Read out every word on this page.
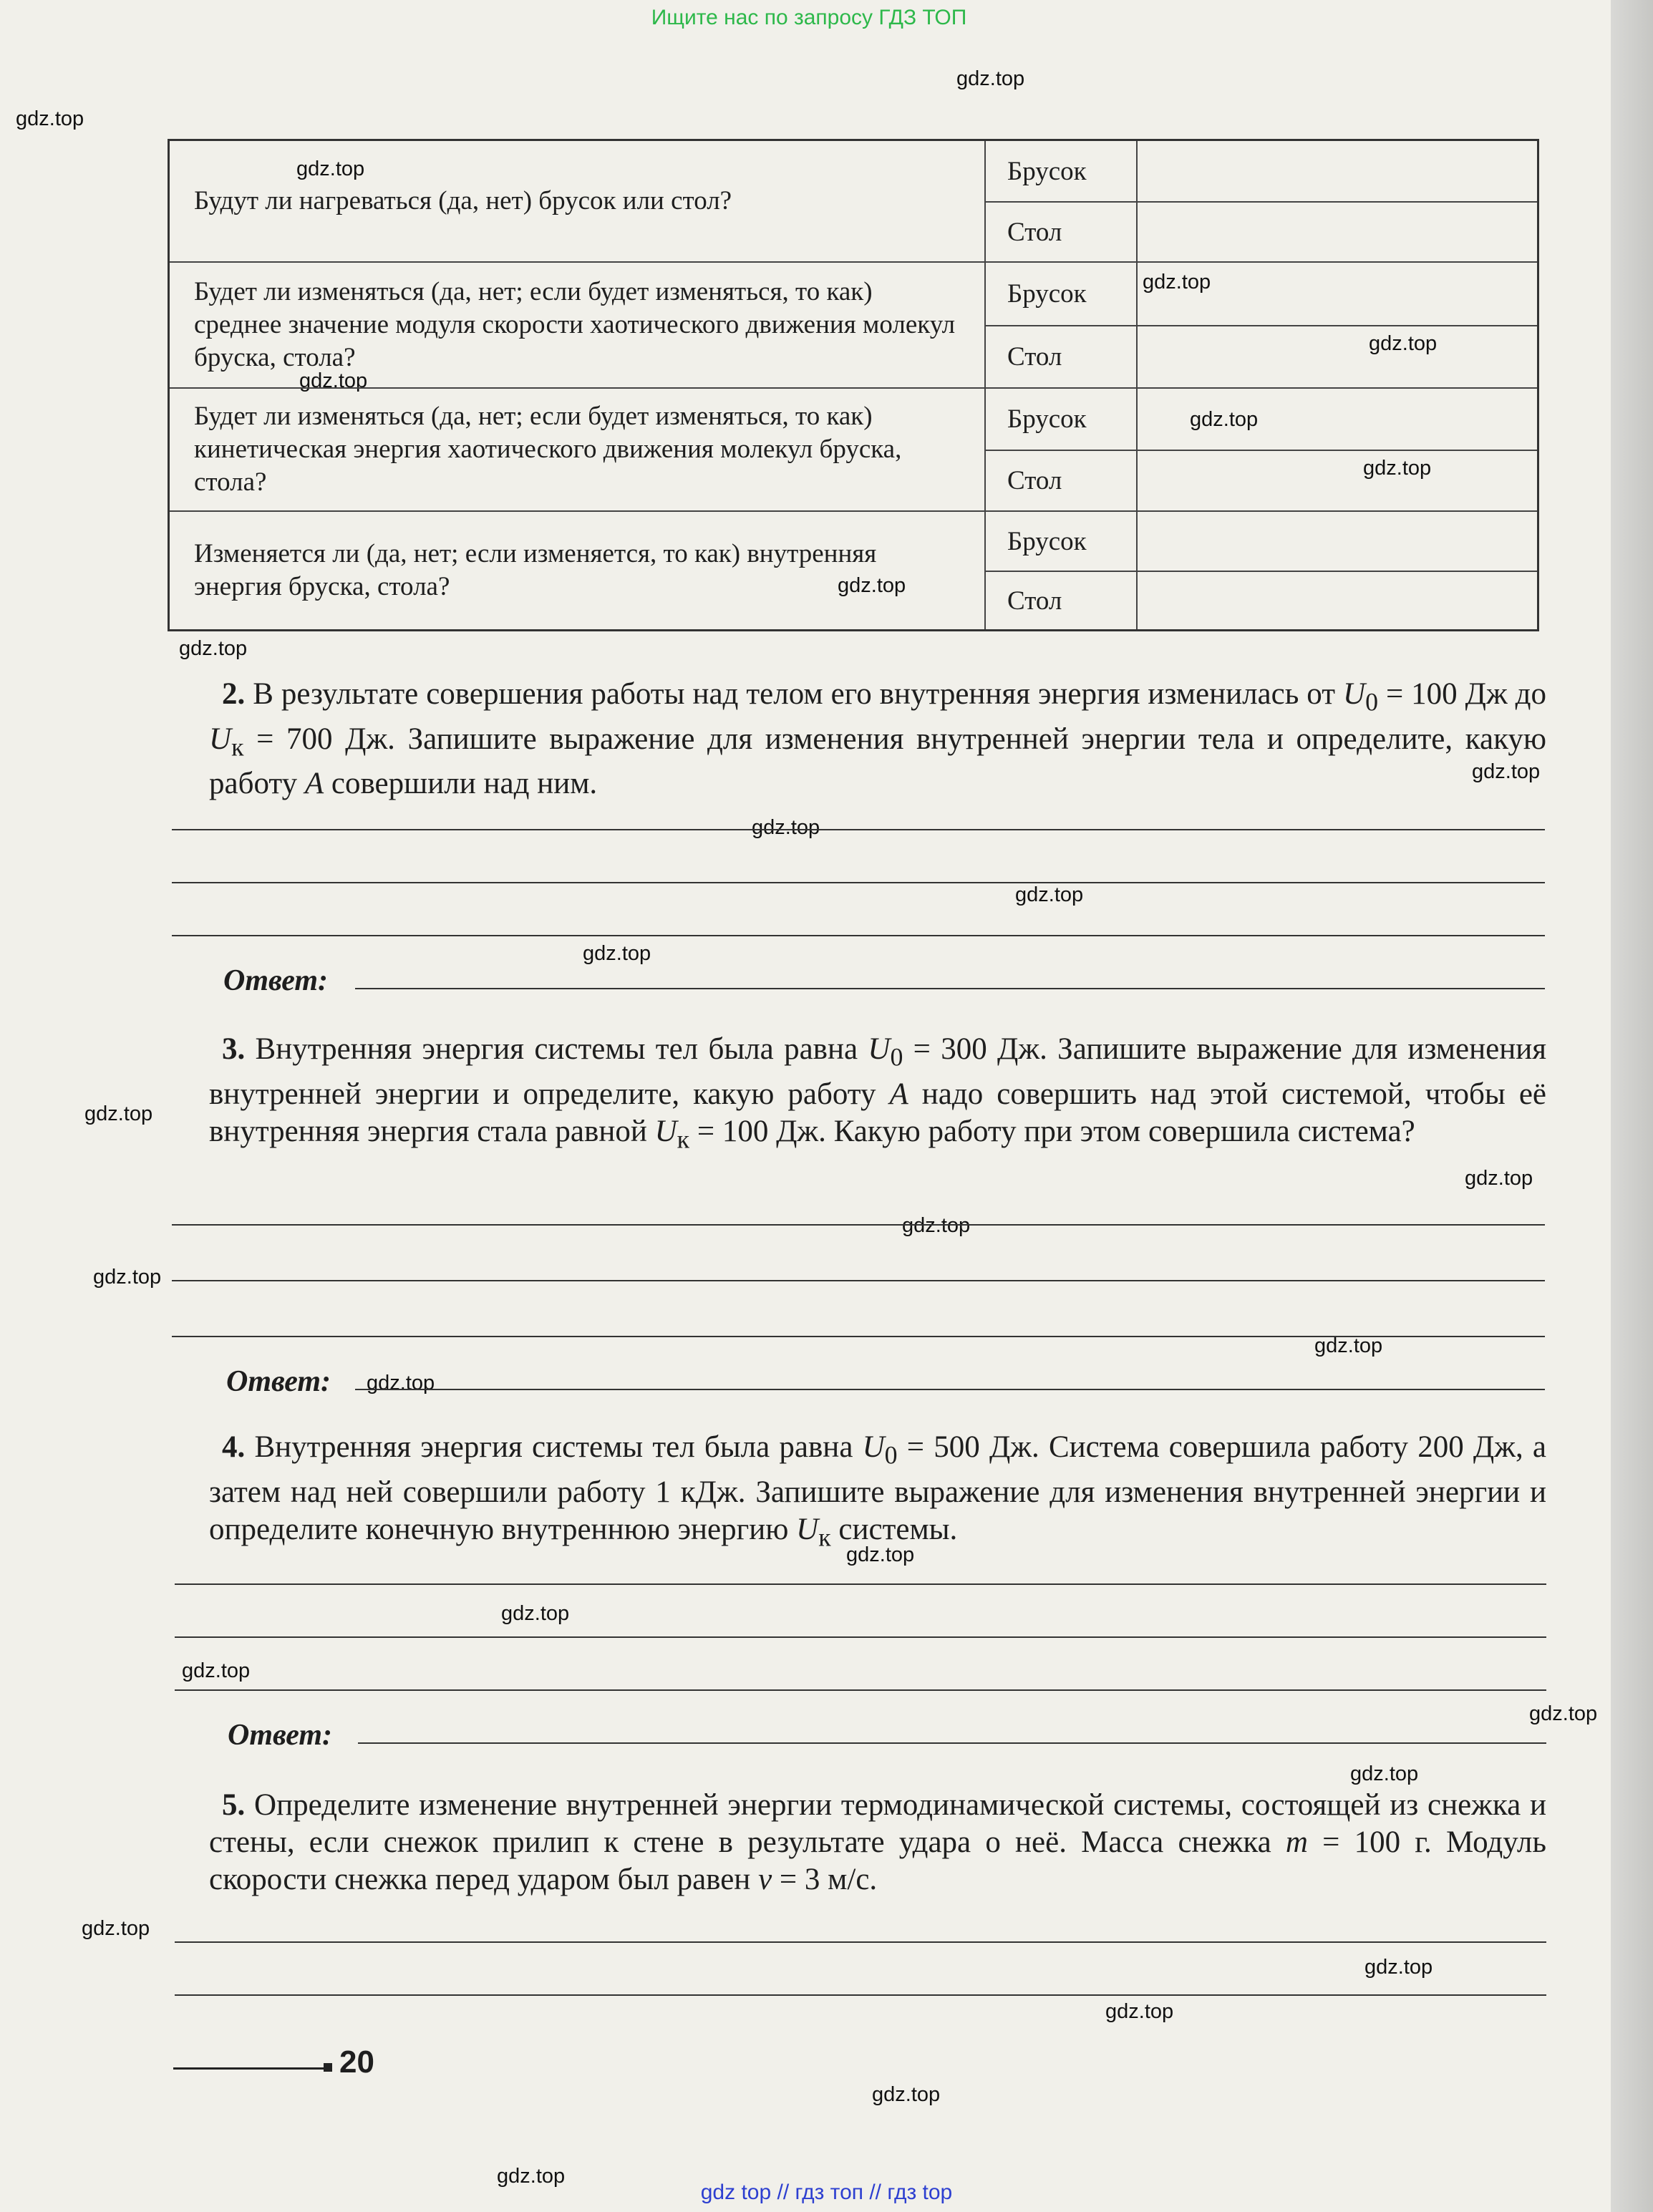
Ищите нас по запросу ГДЗ ТОП
gdz.top
gdz.top
gdz.top
gdz.top
gdz.top
gdz.top
gdz.top
gdz.top
gdz.top
gdz.top
gdz.top
gdz.top
gdz.top
gdz.top
gdz.top
gdz.top
gdz.top
gdz.top
gdz.top
gdz.top
gdz.top
gdz.top
gdz.top
gdz.top
gdz.top
gdz.top
gdz.top
gdz.top
gdz.top
gdz.top
Будут ли нагреваться (да, нет) брусок или стол?
Брусок
Стол
Будет ли изменяться (да, нет; если будет изменяться, то как) среднее значение модуля скорости хаотического движения молекул бруска, стола?
Брусок
Стол
Будет ли изменяться (да, нет; если будет изменяться, то как) кинетическая энергия хаотического движения молекул бруска, стола?
Брусок
Стол
Изменяется ли (да, нет; если изменяется, то как) внутренняя энергия бруска, стола?
Брусок
Стол
2. В результате совершения работы над телом его внутренняя энергия изменилась от $U_0 = 100$ Дж до $U_к = 700$ Дж. Запишите выражение для изменения внутренней энергии тела и определите, какую работу A совершили над ним.
Ответ:
3. Внутренняя энергия системы тел была равна $U_0 = 300$ Дж. Запишите выражение для изменения внутренней энергии и определите, какую работу A надо совершить над этой системой, чтобы её внутренняя энергия стала равной $U_к = 100$ Дж. Какую работу при этом совершила система?
Ответ:
4. Внутренняя энергия системы тел была равна $U_0 = 500$ Дж. Система совершила работу 200 Дж, а затем над ней совершили работу 1 кДж. Запишите выражение для изменения внутренней энергии и определите конечную внутреннюю энергию $U_к$ системы.
Ответ:
5. Определите изменение внутренней энергии термодинамической системы, состоящей из снежка и стены, если снежок прилип к стене в результате удара о неё. Масса снежка m = 100 г. Модуль скорости снежка перед ударом был равен v = 3 м/с.
20
gdz top // гдз топ // гдз top
